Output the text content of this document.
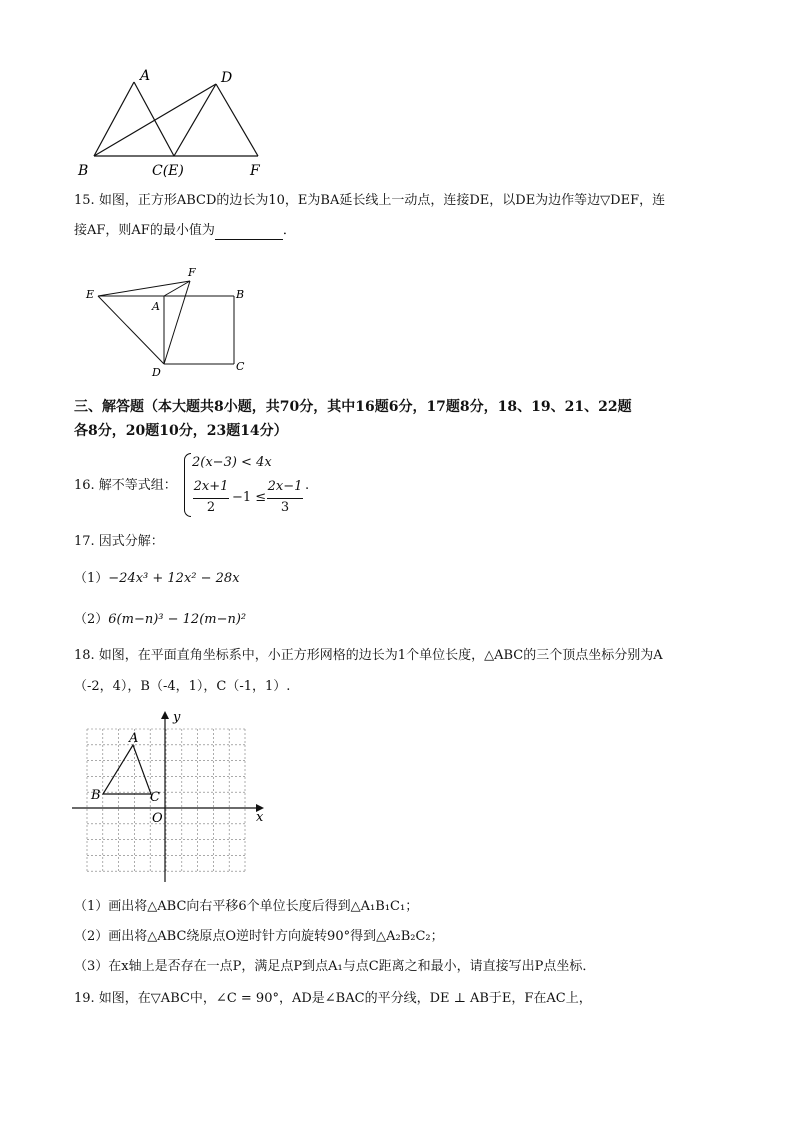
A	D
B	C(E)	F
15. 如图，正方形ABCD的边长为10，E为BA延长线上一动点，连接DE，以DE为边作等边▽DEF，连
接AF，则AF的最小值为	．
E
F
A
B
C
D
三、解答题（本大题共8小题，共70分，其中16题6分，17题8分，18、19、21、22题
各8分，20题10分，23题14分）
16. 解不等式组：
2(x−3) < 4x
2x+1
2
−1 ≤
2x−1
3
.
17. 因式分解：
（1）−24x³ + 12x² − 28x
（2）6(m−n)³ − 12(m−n)²
18. 如图，在平面直角坐标系中，小正方形网格的边长为1个单位长度，△ABC的三个顶点坐标分别为A
（-2，4），B（-4，1），C（-1，1）.
y
x
O
A
B	C
（1）画出将△ABC向右平移6个单位长度后得到△A₁B₁C₁；
（2）画出将△ABC绕原点O逆时针方向旋转90°得到△A₂B₂C₂；
（3）在x轴上是否存在一点P，满足点P到点A₁与点C距离之和最小，请直接写出P点坐标．
19. 如图，在▽ABC中，∠C = 90°，AD是∠BAC的平分线，DE ⊥ AB于E，F在AC上，
